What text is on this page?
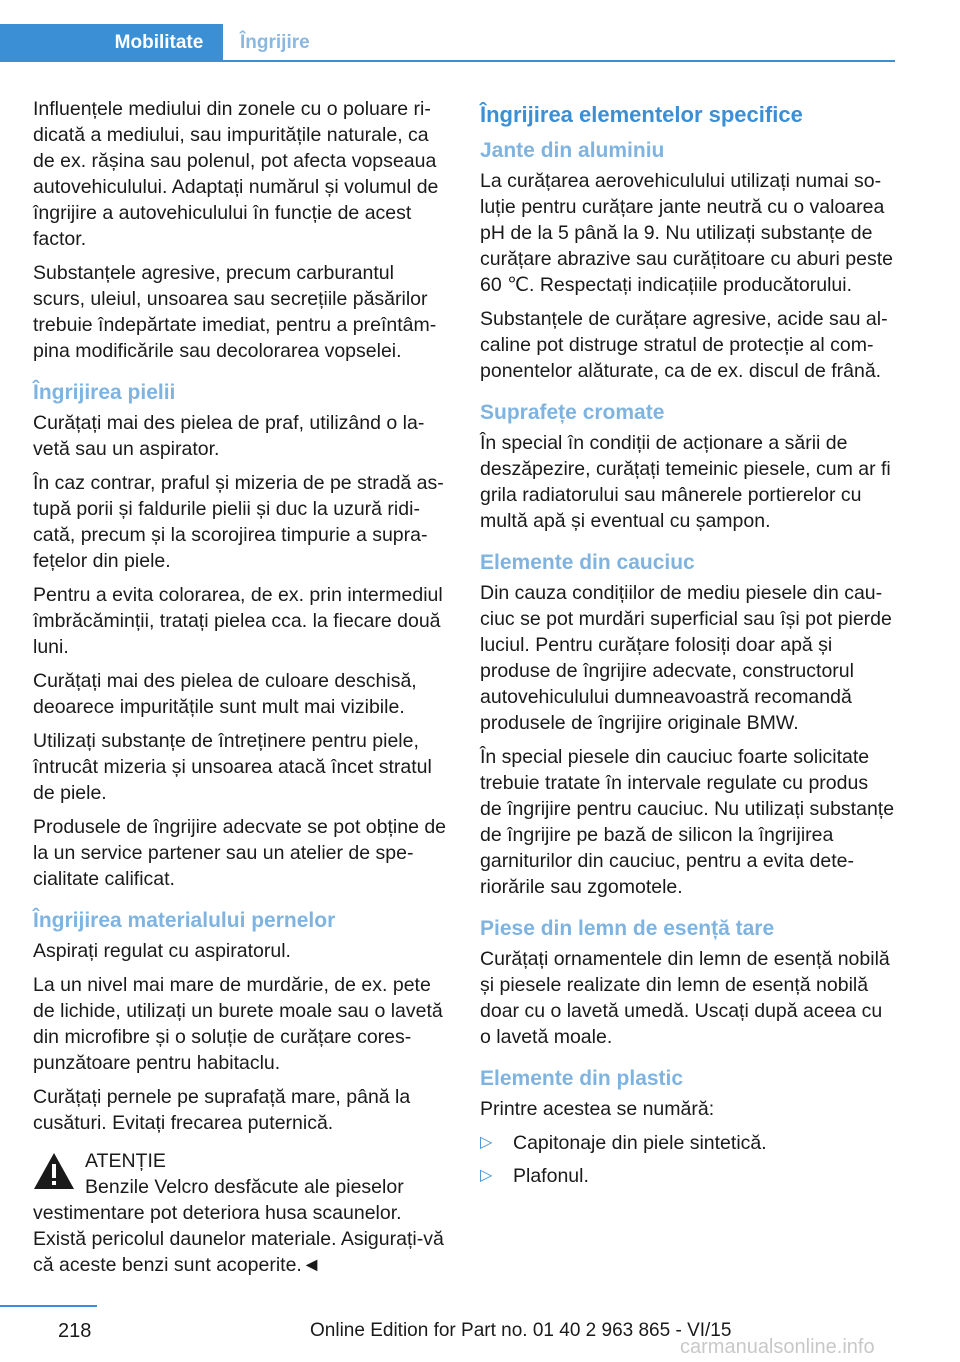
Mobilitate	Îngrijire

Influențele mediului din zonele cu o poluare ridicată a mediului, sau impuritățile naturale, ca de ex. rășina sau polenul, pot afecta vopseaua autovehiculului. Adaptați numărul și volumul de îngrijire a autovehiculului în funcție de acest factor.

Substanțele agresive, precum carburantul scurs, uleiul, unsoarea sau secrețiile păsărilor trebuie îndepărtate imediat, pentru a preîntâmpina modificările sau decolorarea vopselei.

Îngrijirea pielii

Curățați mai des pielea de praf, utilizând o lavetă sau un aspirator.

În caz contrar, praful și mizeria de pe stradă astupă porii și faldurile pielii și duc la uzură ridicată, precum și la scorojirea timpurie a suprafețelor din piele.

Pentru a evita colorarea, de ex. prin intermediul îmbrăcăminții, tratați pielea cca. la fiecare două luni.

Curățați mai des pielea de culoare deschisă, deoarece impuritățile sunt mult mai vizibile.

Utilizați substanțe de întreținere pentru piele, întrucât mizeria și unsoarea atacă încet stratul de piele.

Produsele de îngrijire adecvate se pot obține de la un service partener sau un atelier de specialitate calificat.

Îngrijirea materialului pernelor

Aspirați regulat cu aspiratorul.

La un nivel mai mare de murdărie, de ex. pete de lichide, utilizați un burete moale sau o lavetă din microfibre și o soluție de curățare corespunzătoare pentru habitaclu.

Curățați pernele pe suprafață mare, până la cusături. Evitați frecarea puternică.

ATENȚIE
Benzile Velcro desfăcute ale pieselor
vestimentare pot deteriora husa scaunelor. Există pericolul daunelor materiale. Asigurați-vă că aceste benzi sunt acoperite.◄
Îngrijirea elementelor specifice
Jante din aluminiu

La curățarea aerovehiculului utilizați numai soluție pentru curățare jante neutră cu o valoarea pH de la 5 până la 9. Nu utilizați substanțe de curățare abrazive sau curățitoare cu aburi peste 60 ℃. Respectați indicațiile producătorului.

Substanțele de curățare agresive, acide sau alcaline pot distruge stratul de protecție al componentelor alăturate, ca de ex. discul de frână.

Suprafețe cromate

În special în condiții de acționare a sării de deszăpezire, curățați temeinic piesele, cum ar fi grila radiatorului sau mânerele portierelor cu multă apă și eventual cu șampon.

Elemente din cauciuc

Din cauza condițiilor de mediu piesele din cauciuc se pot murdări superficial sau își pot pierde luciul. Pentru curățare folosiți doar apă și produse de îngrijire adecvate, constructorul autovehiculului dumneavoastră recomandă produsele de îngrijire originale BMW.

În special piesele din cauciuc foarte solicitate trebuie tratate în intervale regulate cu produs de îngrijire pentru cauciuc. Nu utilizați substanțe de îngrijire pe bază de silicon la îngrijirea garniturilor din cauciuc, pentru a evita deteriorările sau zgomotele.

Piese din lemn de esență tare

Curățați ornamentele din lemn de esență nobilă și piesele realizate din lemn de esență nobilă doar cu o lavetă umedă. Uscați după aceea cu o lavetă moale.

Elemente din plastic

Printre acestea se numără:

▷ Capitonaje din piele sintetică.
▷ Plafonul.
218	Online Edition for Part no. 01 40 2 963 865 - VI/15
carmanualsonline.info
